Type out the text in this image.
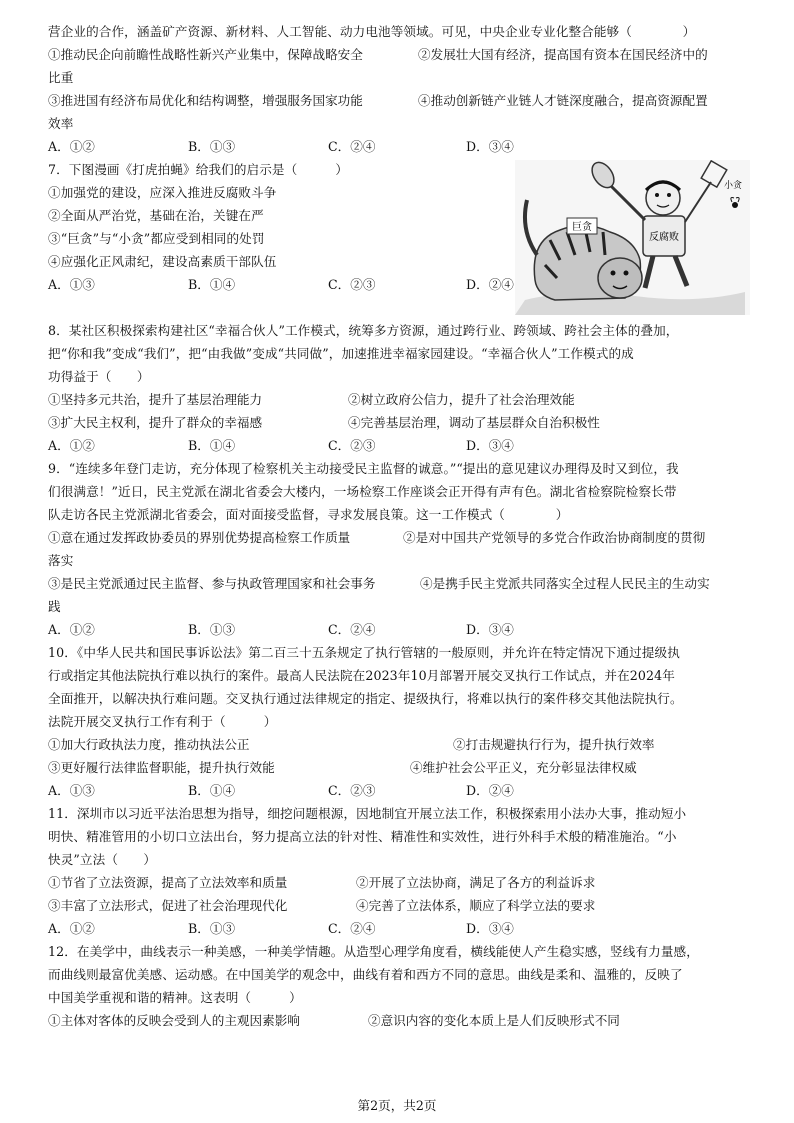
营企业的合作，涵盖矿产资源、新材料、人工智能、动力电池等领域。可见，中央企业专业化整合能够（　　　　）
①推动民企向前瞻性战略性新兴产业集中，保障战略安全	②发展壮大国有经济，提高国有资本在国民经济中的
比重
③推进国有经济布局优化和结构调整，增强服务国家功能	④推动创新链产业链人才链深度融合，提高资源配置
效率
A．①②	B．①③	C．②④	D．③④
7．下图漫画《打虎拍蝇》给我们的启示是（　　　）
①加强党的建设，应深入推进反腐败斗争
②全面从严治党，基础在治，关键在严
③“巨贪”与“小贪”都应受到相同的处罚
④应强化正风肃纪，建设高素质干部队伍
A．①③	B．①④	C．②③	D．②④
巨贪
反腐败
小贪
8．某社区积极探索构建社区“幸福合伙人”工作模式，统筹多方资源，通过跨行业、跨领域、跨社会主体的叠加，
把“你和我”变成“我们”，把“由我做”变成“共同做”，加速推进幸福家园建设。“幸福合伙人”工作模式的成
功得益于（　　）
①坚持多元共治，提升了基层治理能力	②树立政府公信力，提升了社会治理效能
③扩大民主权利，提升了群众的幸福感	④完善基层治理，调动了基层群众自治积极性
A．①②	B．①④	C．②③	D．③④
9．“连续多年登门走访，充分体现了检察机关主动接受民主监督的诚意。”“提出的意见建议办理得及时又到位，我
们很满意！”近日，民主党派在湖北省委会大楼内，一场检察工作座谈会正开得有声有色。湖北省检察院检察长带
队走访各民主党派湖北省委会，面对面接受监督，寻求发展良策。这一工作模式（　　　　）
①意在通过发挥政协委员的界别优势提高检察工作质量	②是对中国共产党领导的多党合作政治协商制度的贯彻
落实
③是民主党派通过民主监督、参与执政管理国家和社会事务	④是携手民主党派共同落实全过程人民民主的生动实
践
A．①②	B．①③	C．②④	D．③④
10．《中华人民共和国民事诉讼法》第二百三十五条规定了执行管辖的一般原则，并允许在特定情况下通过提级执
行或指定其他法院执行难以执行的案件。最高人民法院在2023年10月部署开展交叉执行工作试点，并在2024年
全面推开，以解决执行难问题。交叉执行通过法律规定的指定、提级执行，将难以执行的案件移交其他法院执行。
法院开展交叉执行工作有利于（　　　）
①加大行政执法力度，推动执法公正	②打击规避执行行为，提升执行效率
③更好履行法律监督职能，提升执行效能	④维护社会公平正义，充分彰显法律权威
A．①③	B．①④	C．②③	D．②④
11．深圳市以习近平法治思想为指导，细挖问题根源，因地制宜开展立法工作，积极探索用小法办大事，推动短小
明快、精准管用的小切口立法出台，努力提高立法的针对性、精准性和实效性，进行外科手术般的精准施治。“小
快灵”立法（　　）
①节省了立法资源，提高了立法效率和质量	②开展了立法协商，满足了各方的利益诉求
③丰富了立法形式，促进了社会治理现代化	④完善了立法体系，顺应了科学立法的要求
A．①②	B．①③	C．②④	D．③④
12．在美学中，曲线表示一种美感，一种美学情趣。从造型心理学角度看，横线能使人产生稳实感，竖线有力量感，
而曲线则最富优美感、运动感。在中国美学的观念中，曲线有着和西方不同的意思。曲线是柔和、温雅的，反映了
中国美学重视和谐的精神。这表明（　　　）
①主体对客体的反映会受到人的主观因素影响	②意识内容的变化本质上是人们反映形式不同
第2页，共2页
